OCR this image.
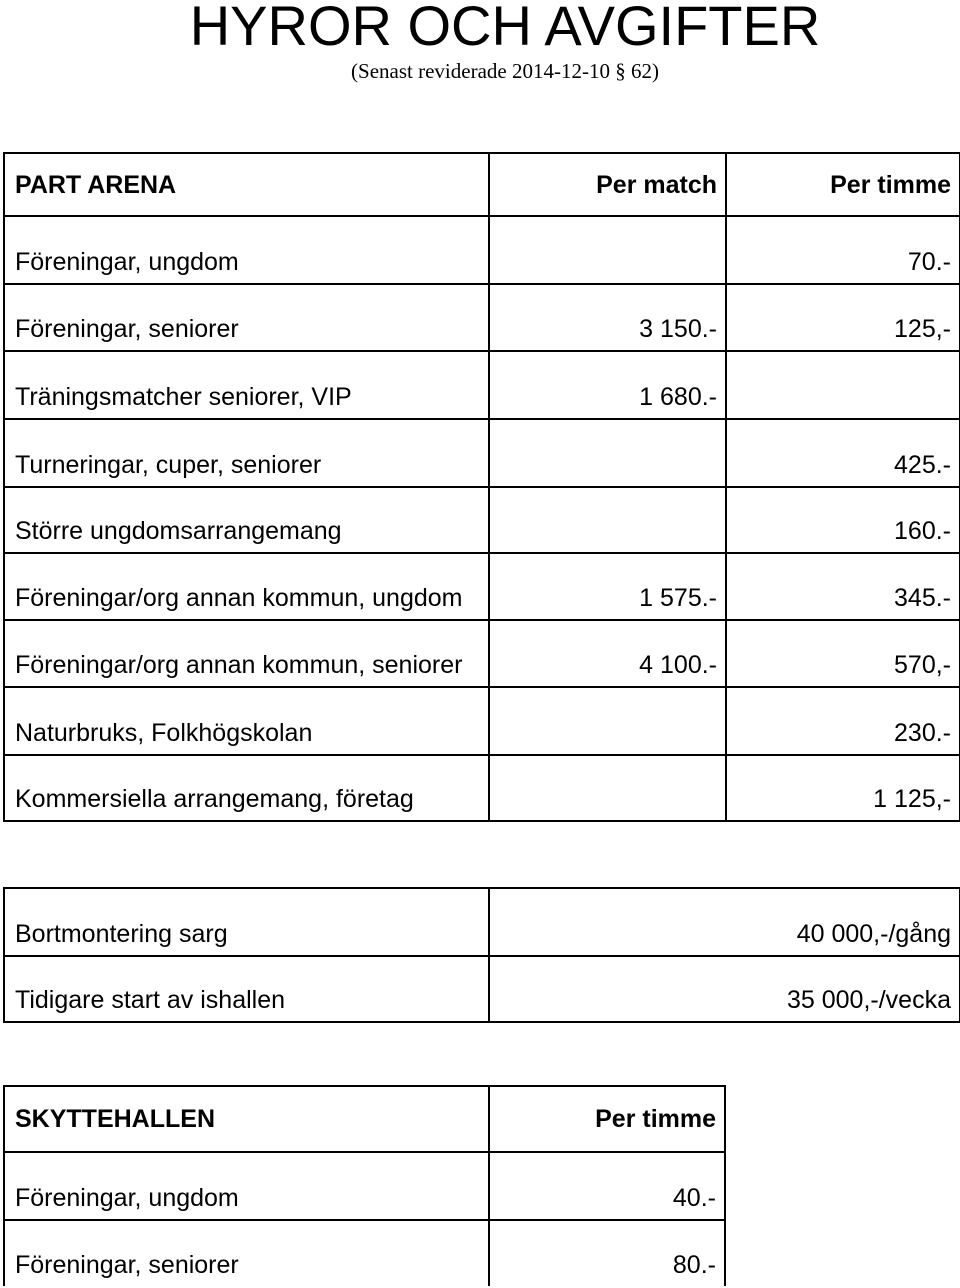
HYROR OCH AVGIFTER
(Senast reviderade 2014-12-10 § 62)
PART ARENA	Per match	Per timme
Föreningar, ungdom		70.-
Föreningar, seniorer	3 150.-	125,-
Träningsmatcher seniorer, VIP	1 680.-	
Turneringar, cuper, seniorer		425.-
Större ungdomsarrangemang		160.-
Föreningar/org annan kommun, ungdom	1 575.-	345.-
Föreningar/org annan kommun, seniorer	4 100.-	570,-
Naturbruks, Folkhögskolan		230.-
Kommersiella arrangemang, företag		1 125,-
Bortmontering sarg	40 000,-/gång
Tidigare start av ishallen	35 000,-/vecka
SKYTTEHALLEN	Per timme
Föreningar, ungdom	40.-
Föreningar, seniorer	80.-
